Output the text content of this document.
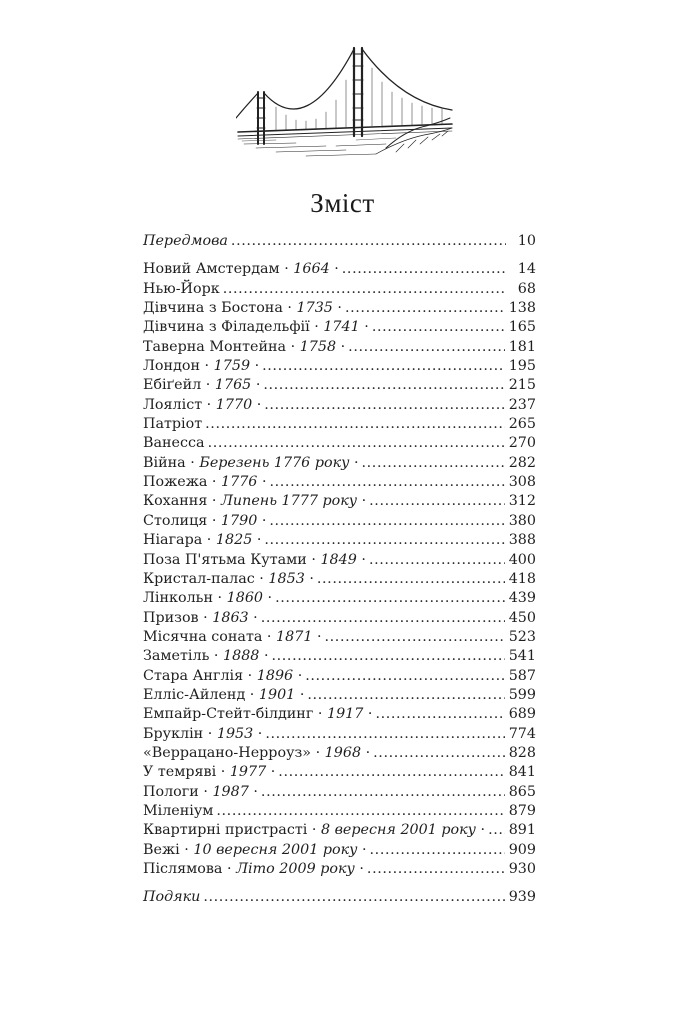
Зміст
Передмова .....	10
Новий Амстердам · 1664 · .....	14
Нью-Йорк .....	68
Дівчина з Бостона · 1735 · .....	138
Дівчина з Філадельфії · 1741 · .....	165
Таверна Монтейна · 1758 · .....	181
Лондон · 1759 · .....	195
Ебіґейл · 1765 · .....	215
Лояліст · 1770 · .....	237
Патріот .....	265
Ванесса .....	270
Війна · Березень 1776 року · .....	282
Пожежа · 1776 · .....	308
Кохання · Липень 1777 року · .....	312
Столиця · 1790 · .....	380
Ніагара · 1825 · .....	388
Поза П'ятьма Кутами · 1849 · .....	400
Кристал-палас · 1853 · .....	418
Лінкольн · 1860 · .....	439
Призов · 1863 · .....	450
Місячна соната · 1871 · .....	523
Заметіль · 1888 · .....	541
Стара Англія · 1896 · .....	587
Елліс-Айленд · 1901 · .....	599
Емпайр-Стейт-білдинг · 1917 · .....	689
Бруклін · 1953 · .....	774
«Веррацано-Нерроуз» · 1968 · .....	828
У темряві · 1977 · .....	841
Пологи · 1987 · .....	865
Міленіум .....	879
Квартирні пристрасті · 8 вересня 2001 року · ..... 891
Вежі · 10 вересня 2001 року · .....	909
Післямова · Літо 2009 року · .....	930
Подяки .....	939
